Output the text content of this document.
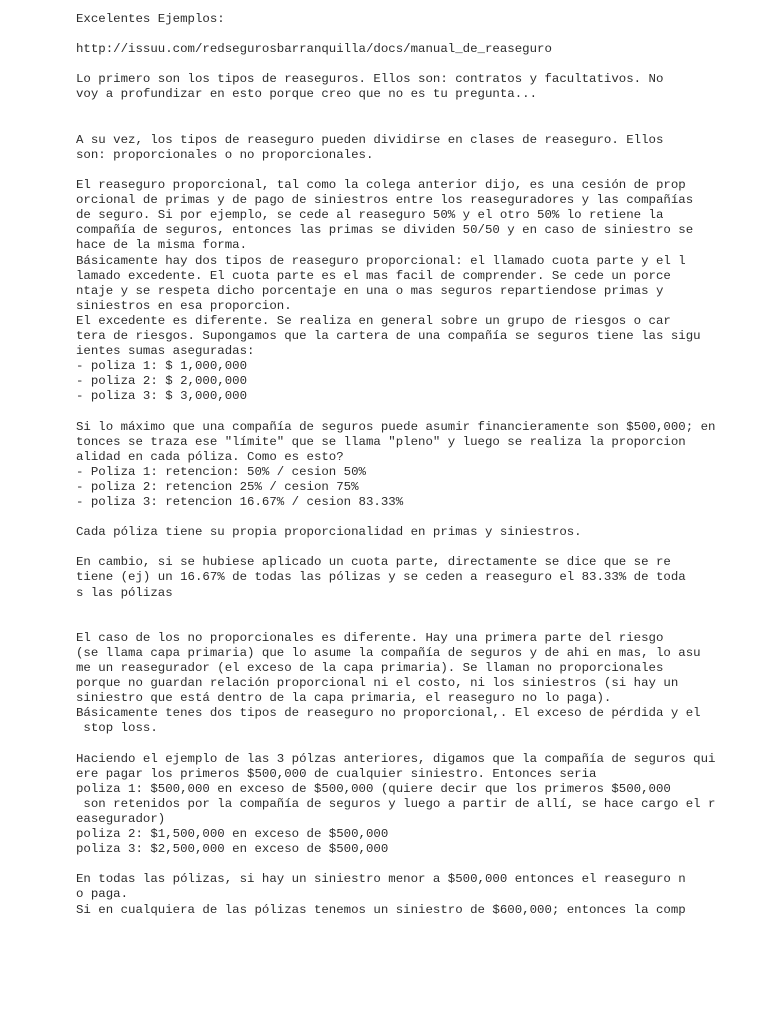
Excelentes Ejemplos:
http://issuu.com/redsegurosbarranquilla/docs/manual_de_reaseguro
Lo primero son los tipos de reaseguros. Ellos son: contratos y facultativos. No
voy a profundizar en esto porque creo que no es tu pregunta...
A su vez, los tipos de reaseguro pueden dividirse en clases de reaseguro. Ellos
son: proporcionales o no proporcionales.
El reaseguro proporcional, tal como la colega anterior dijo, es una cesión de prop
orcional de primas y de pago de siniestros entre los reaseguradores y las compañías
de seguro. Si por ejemplo, se cede al reaseguro 50% y el otro 50% lo retiene la
compañía de seguros, entonces las primas se dividen 50/50 y en caso de siniestro se
hace de la misma forma.
Básicamente hay dos tipos de reaseguro proporcional: el llamado cuota parte y el l
lamado excedente. El cuota parte es el mas facil de comprender. Se cede un porce
ntaje y se respeta dicho porcentaje en una o mas seguros repartiendose primas y
siniestros en esa proporcion.
El excedente es diferente. Se realiza en general sobre un grupo de riesgos o car
tera de riesgos. Supongamos que la cartera de una compañía se seguros tiene las sigu
ientes sumas aseguradas:
- poliza 1: $ 1,000,000
- poliza 2: $ 2,000,000
- poliza 3: $ 3,000,000
Si lo máximo que una compañía de seguros puede asumir financieramente son $500,000; en
tonces se traza ese "límite" que se llama "pleno" y luego se realiza la proporcion
alidad en cada póliza. Como es esto?
- Poliza 1: retencion: 50% / cesion 50%
- poliza 2: retencion 25% / cesion 75%
- poliza 3: retencion 16.67% / cesion 83.33%
Cada póliza tiene su propia proporcionalidad en primas y siniestros.
En cambio, si se hubiese aplicado un cuota parte, directamente se dice que se re
tiene (ej) un 16.67% de todas las pólizas y se ceden a reaseguro el 83.33% de toda
s las pólizas
El caso de los no proporcionales es diferente. Hay una primera parte del riesgo
(se llama capa primaria) que lo asume la compañía de seguros y de ahi en mas, lo asu
me un reasegurador (el exceso de la capa primaria). Se llaman no proporcionales
porque no guardan relación proporcional ni el costo, ni los siniestros (si hay un
siniestro que está dentro de la capa primaria, el reaseguro no lo paga).
Básicamente tenes dos tipos de reaseguro no proporcional,. El exceso de pérdida y el
stop loss.
Haciendo el ejemplo de las 3 pólzas anteriores, digamos que la compañía de seguros qui
ere pagar los primeros $500,000 de cualquier siniestro. Entonces seria
poliza 1: $500,000 en exceso de $500,000 (quiere decir que los primeros $500,000
son retenidos por la compañía de seguros y luego a partir de allí, se hace cargo el r
easegurador)
poliza 2: $1,500,000 en exceso de $500,000
poliza 3: $2,500,000 en exceso de $500,000
En todas las pólizas, si hay un siniestro menor a $500,000 entonces el reaseguro n
o paga.
Si en cualquiera de las pólizas tenemos un siniestro de $600,000; entonces la comp
